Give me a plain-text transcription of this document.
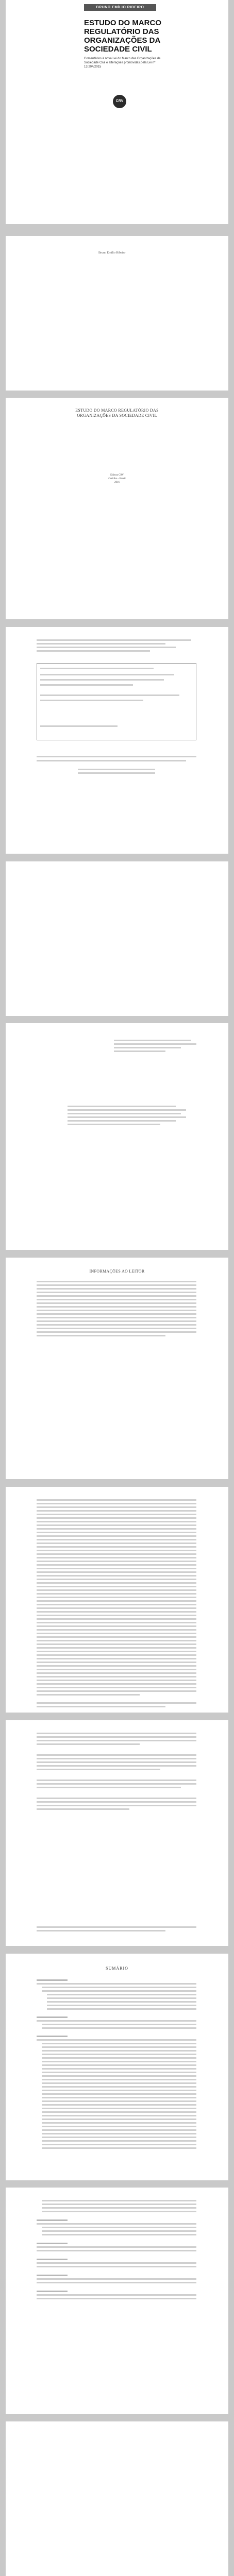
BRUNO EMÍLIO RIBEIRO
ESTUDO DO MARCO REGULATÓRIO DAS ORGANIZAÇÕES DA SOCIEDADE CIVIL
Comentários à nova Lei do Marco das Organizações da Sociedade Civil e alterações promovidas pela Lei nº 13.204/2015
CRV
Bruno Emílio Ribeiro
ESTUDO DO MARCO REGULATÓRIO DAS ORGANIZAÇÕES DA SOCIEDADE CIVIL
Editora CRV
Curitiba – Brasil
2016
INFORMAÇÕES AO LEITOR
SUMÁRIO
